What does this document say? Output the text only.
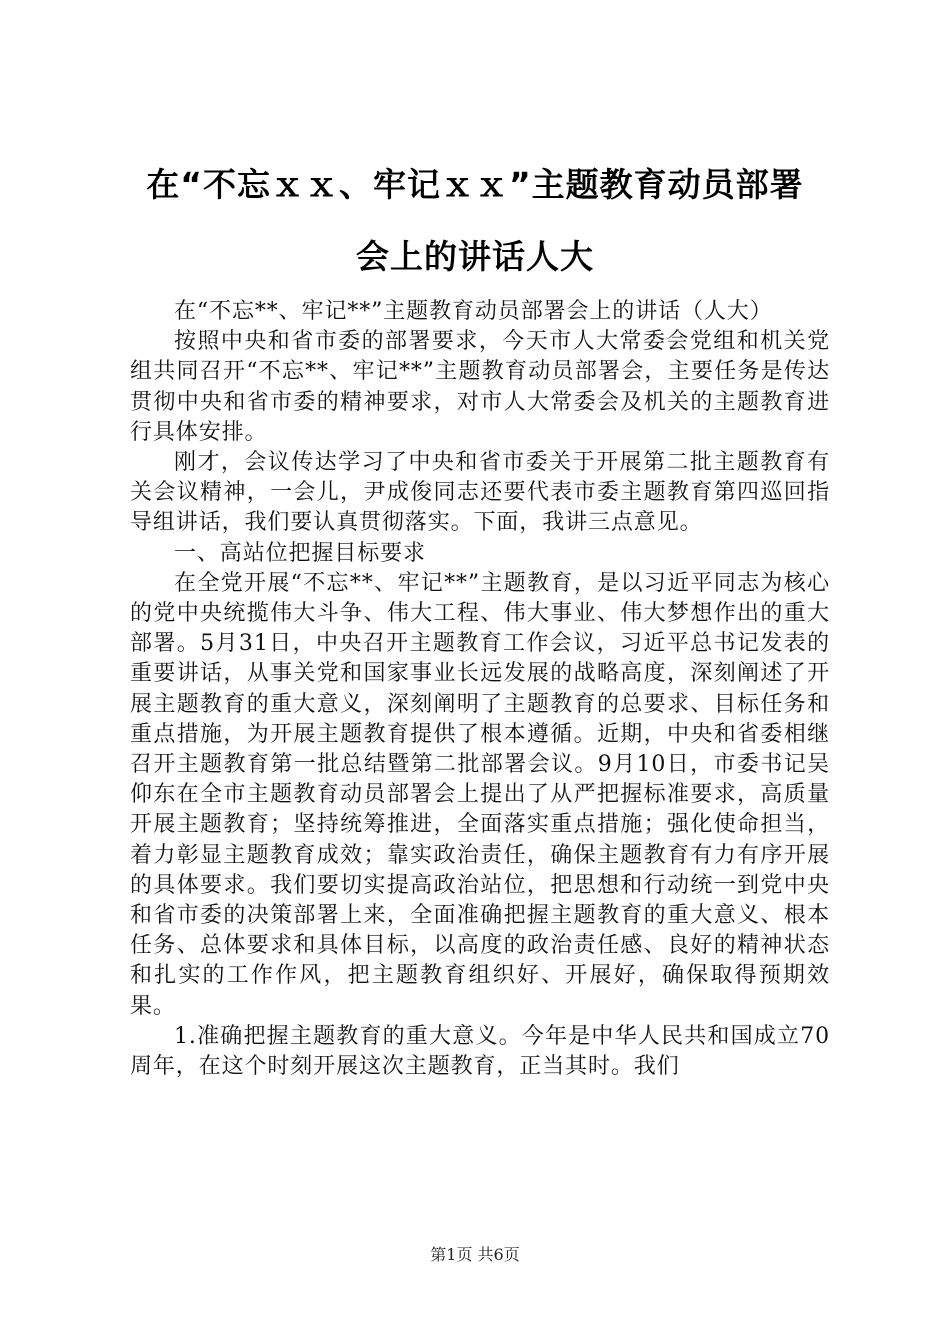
在“不忘ｘｘ、牢记ｘｘ”主题教育动员部署
会上的讲话人大

在“不忘**、牢记**”主题教育动员部署会上的讲话（人大）

按照中央和省市委的部署要求，今天市人大常委会党组和机关党组共同召开“不忘**、牢记**”主题教育动员部署会，主要任务是传达贯彻中央和省市委的精神要求，对市人大常委会及机关的主题教育进行具体安排。

刚才，会议传达学习了中央和省市委关于开展第二批主题教育有关会议精神，一会儿，尹成俊同志还要代表市委主题教育第四巡回指导组讲话，我们要认真贯彻落实。下面，我讲三点意见。

一、高站位把握目标要求

在全党开展“不忘**、牢记**”主题教育，是以习近平同志为核心的党中央统揽伟大斗争、伟大工程、伟大事业、伟大梦想作出的重大部署。5月31日，中央召开主题教育工作会议，习近平总书记发表的重要讲话，从事关党和国家事业长远发展的战略高度，深刻阐述了开展主题教育的重大意义，深刻阐明了主题教育的总要求、目标任务和重点措施，为开展主题教育提供了根本遵循。近期，中央和省委相继召开主题教育第一批总结暨第二批部署会议。9月10日，市委书记吴仰东在全市主题教育动员部署会上提出了从严把握标准要求，高质量开展主题教育；坚持统筹推进，全面落实重点措施；强化使命担当，着力彰显主题教育成效；靠实政治责任，确保主题教育有力有序开展的具体要求。我们要切实提高政治站位，把思想和行动统一到党中央和省市委的决策部署上来，全面准确把握主题教育的重大意义、根本任务、总体要求和具体目标，以高度的政治责任感、良好的精神状态和扎实的工作作风，把主题教育组织好、开展好，确保取得预期效果。

1.准确把握主题教育的重大意义。今年是中华人民共和国成立70周年，在这个时刻开展这次主题教育，正当其时。我们

第1页 共6页
